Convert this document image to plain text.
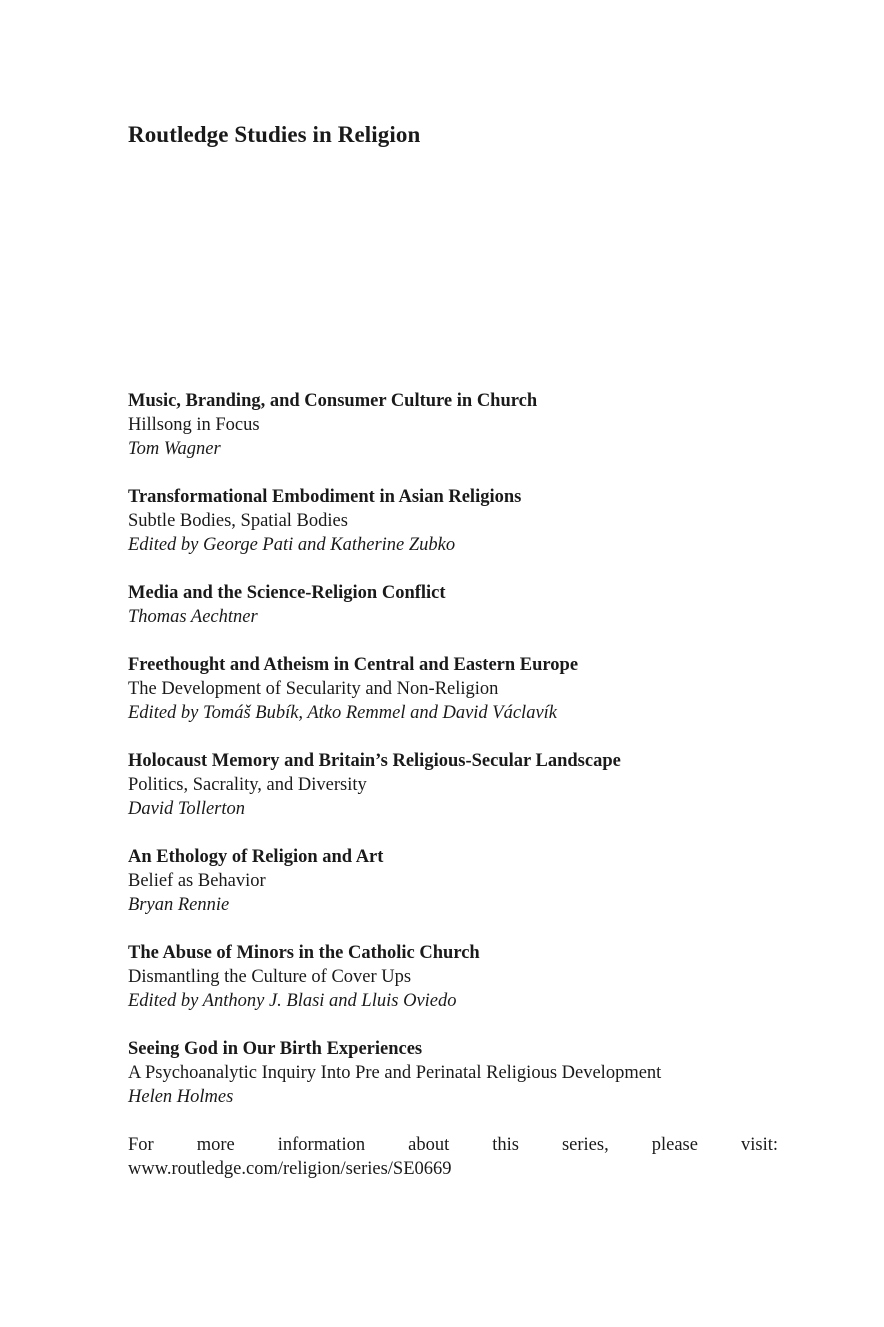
Routledge Studies in Religion
Music, Branding, and Consumer Culture in Church
Hillsong in Focus
Tom Wagner
Transformational Embodiment in Asian Religions
Subtle Bodies, Spatial Bodies
Edited by George Pati and Katherine Zubko
Media and the Science-Religion Conflict
Thomas Aechtner
Freethought and Atheism in Central and Eastern Europe
The Development of Secularity and Non-Religion
Edited by Tomáš Bubík, Atko Remmel and David Václavík
Holocaust Memory and Britain’s Religious-Secular Landscape
Politics, Sacrality, and Diversity
David Tollerton
An Ethology of Religion and Art
Belief as Behavior
Bryan Rennie
The Abuse of Minors in the Catholic Church
Dismantling the Culture of Cover Ups
Edited by Anthony J. Blasi and Lluis Oviedo
Seeing God in Our Birth Experiences
A Psychoanalytic Inquiry Into Pre and Perinatal Religious Development
Helen Holmes

For more information about this series, please visit: www.routledge.com/religion/series/SE0669
